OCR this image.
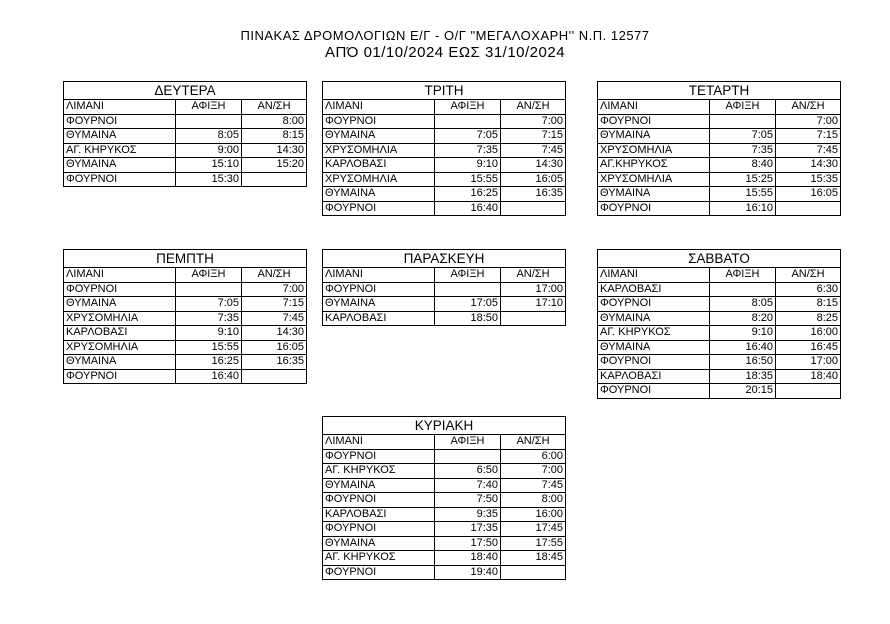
ΠΙΝΑΚΑΣ ΔΡΟΜΟΛΟΓΙΩΝ Ε/Γ - Ο/Γ "ΜΕΓΑΛΟΧΑΡΗ'' Ν.Π. 12577
ΑΠΌ 01/10/2024 ΕΩΣ 31/10/2024
ΔΕΥΤΕΡΑ		
ΛΙΜΑΝΙ	ΑΦΙΞΗ	ΑΝ/ΣΗ
ΦΟΥΡΝΟΙ		8:00
ΘΥΜΑΙΝΑ	8:05	8:15
ΑΓ. ΚΗΡΥΚΟΣ	9:00	14:30
ΘΥΜΑΙΝΑ	15:10	15:20
ΦΟΥΡΝΟΙ	15:30	
ΤΡΙΤΗ		
ΛΙΜΑΝΙ	ΑΦΙΞΗ	ΑΝ/ΣΗ
ΦΟΥΡΝΟΙ		7:00
ΘΥΜΑΙΝΑ	7:05	7:15
ΧΡΥΣΟΜΗΛΙΑ	7:35	7:45
ΚΑΡΛΟΒΑΣΙ	9:10	14:30
ΧΡΥΣΟΜΗΛΙΑ	15:55	16:05
ΘΥΜΑΙΝΑ	16:25	16:35
ΦΟΥΡΝΟΙ	16:40	
ΤΕΤΑΡΤΗ		
ΛΙΜΑΝΙ	ΑΦΙΞΗ	ΑΝ/ΣΗ
ΦΟΥΡΝΟΙ		7:00
ΘΥΜΑΙΝΑ	7:05	7:15
ΧΡΥΣΟΜΗΛΙΑ	7:35	7:45
ΑΓ.ΚΗΡΥΚΟΣ	8:40	14:30
ΧΡΥΣΟΜΗΛΙΑ	15:25	15:35
ΘΥΜΑΙΝΑ	15:55	16:05
ΦΟΥΡΝΟΙ	16:10	
ΠΕΜΠΤΗ		
ΛΙΜΑΝΙ	ΑΦΙΞΗ	ΑΝ/ΣΗ
ΦΟΥΡΝΟΙ		7:00
ΘΥΜΑΙΝΑ	7:05	7:15
ΧΡΥΣΟΜΗΛΙΑ	7:35	7:45
ΚΑΡΛΟΒΑΣΙ	9:10	14:30
ΧΡΥΣΟΜΗΛΙΑ	15:55	16:05
ΘΥΜΑΙΝΑ	16:25	16:35
ΦΟΥΡΝΟΙ	16:40	
ΠΑΡΑΣΚΕΥΗ		
ΛΙΜΑΝΙ	ΑΦΙΞΗ	ΑΝ/ΣΗ
ΦΟΥΡΝΟΙ		17:00
ΘΥΜΑΙΝΑ	17:05	17:10
ΚΑΡΛΟΒΑΣΙ	18:50	
ΣΑΒΒΑΤΟ		
ΛΙΜΑΝΙ	ΑΦΙΞΗ	ΑΝ/ΣΗ
ΚΑΡΛΟΒΑΣΙ		6:30
ΦΟΥΡΝΟΙ	8:05	8:15
ΘΥΜΑΙΝΑ	8:20	8:25
ΑΓ. ΚΗΡΥΚΟΣ	9:10	16:00
ΘΥΜΑΙΝΑ	16:40	16:45
ΦΟΥΡΝΟΙ	16:50	17:00
ΚΑΡΛΟΒΑΣΙ	18:35	18:40
ΦΟΥΡΝΟΙ	20:15	
ΚΥΡΙΑΚΗ		
ΛΙΜΑΝΙ	ΑΦΙΞΗ	ΑΝ/ΣΗ
ΦΟΥΡΝΟΙ		6:00
ΑΓ. ΚΗΡΥΚΟΣ	6:50	7:00
ΘΥΜΑΙΝΑ	7:40	7:45
ΦΟΥΡΝΟΙ	7:50	8:00
ΚΑΡΛΟΒΑΣΙ	9:35	16:00
ΦΟΥΡΝΟΙ	17:35	17:45
ΘΥΜΑΙΝΑ	17:50	17:55
ΑΓ. ΚΗΡΥΚΟΣ	18:40	18:45
ΦΟΥΡΝΟΙ	19:40	
